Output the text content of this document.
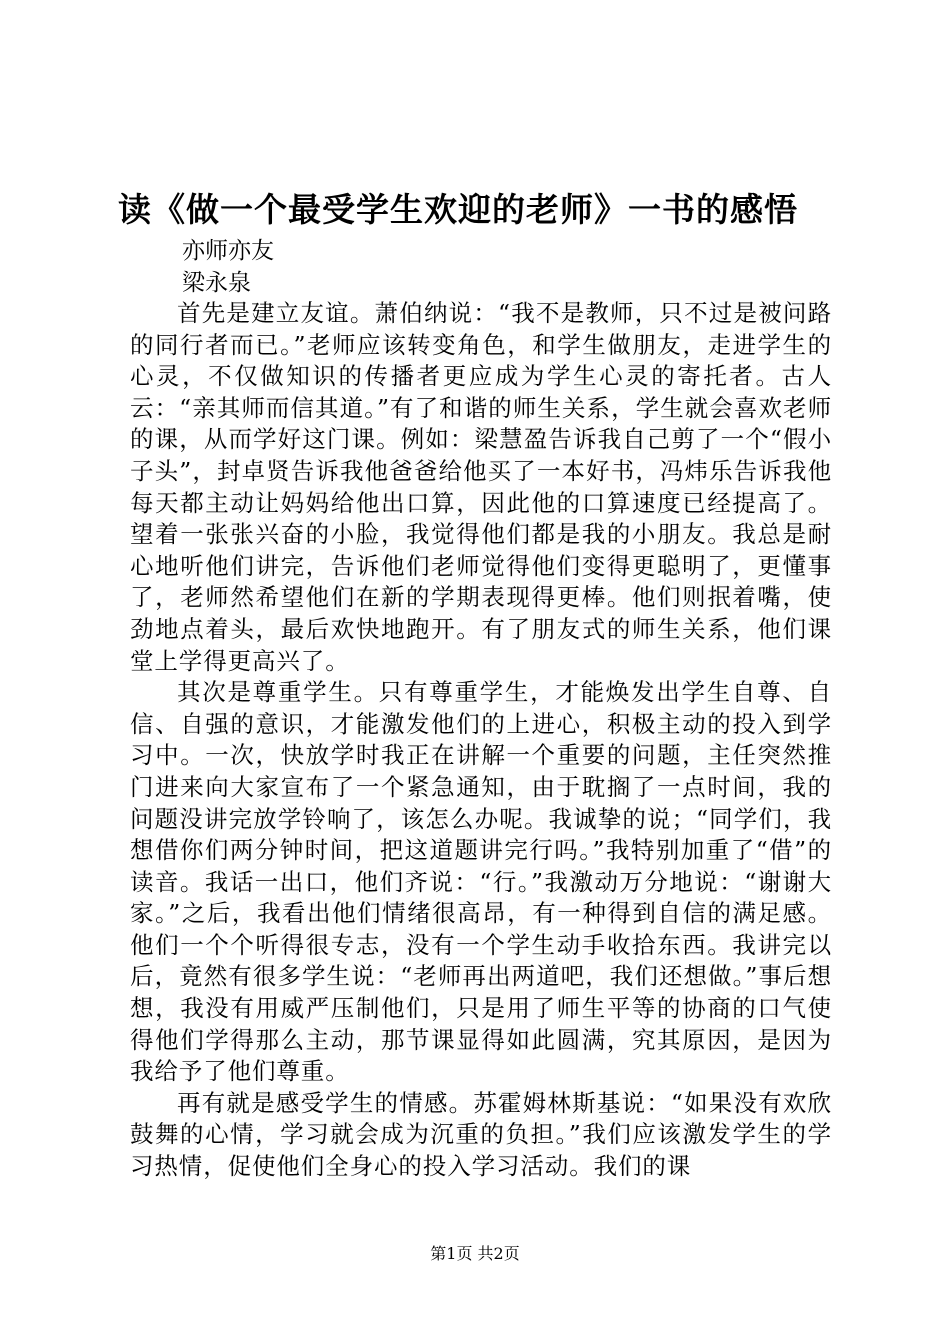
读《做一个最受学生欢迎的老师》一书的感悟
亦师亦友
梁永泉

首先是建立友谊。萧伯纳说：“我不是教师，只不过是被问路的同行者而已。”老师应该转变角色，和学生做朋友，走进学生的心灵，不仅做知识的传播者更应成为学生心灵的寄托者。古人云：“亲其师而信其道。”有了和谐的师生关系，学生就会喜欢老师的课，从而学好这门课。例如：梁慧盈告诉我自己剪了一个“假小子头”，封卓贤告诉我他爸爸给他买了一本好书，冯炜乐告诉我他每天都主动让妈妈给他出口算，因此他的口算速度已经提高了。望着一张张兴奋的小脸，我觉得他们都是我的小朋友。我总是耐心地听他们讲完，告诉他们老师觉得他们变得更聪明了，更懂事了，老师然希望他们在新的学期表现得更棒。他们则抿着嘴，使劲地点着头，最后欢快地跑开。有了朋友式的师生关系，他们课堂上学得更高兴了。

其次是尊重学生。只有尊重学生，才能焕发出学生自尊、自信、自强的意识，才能激发他们的上进心，积极主动的投入到学习中。一次，快放学时我正在讲解一个重要的问题，主任突然推门进来向大家宣布了一个紧急通知，由于耽搁了一点时间，我的问题没讲完放学铃响了，该怎么办呢。我诚挚的说；“同学们，我想借你们两分钟时间，把这道题讲完行吗。”我特别加重了“借”的读音。我话一出口，他们齐说：“行。”我激动万分地说：“谢谢大家。”之后，我看出他们情绪很高昂，有一种得到自信的满足感。他们一个个听得很专志，没有一个学生动手收拾东西。我讲完以后，竟然有很多学生说：“老师再出两道吧，我们还想做。”事后想想，我没有用威严压制他们，只是用了师生平等的协商的口气使得他们学得那么主动，那节课显得如此圆满，究其原因，是因为我给予了他们尊重。

再有就是感受学生的情感。苏霍姆林斯基说：“如果没有欢欣鼓舞的心情，学习就会成为沉重的负担。”我们应该激发学生的学习热情，促使他们全身心的投入学习活动。我们的课

第1页 共2页
